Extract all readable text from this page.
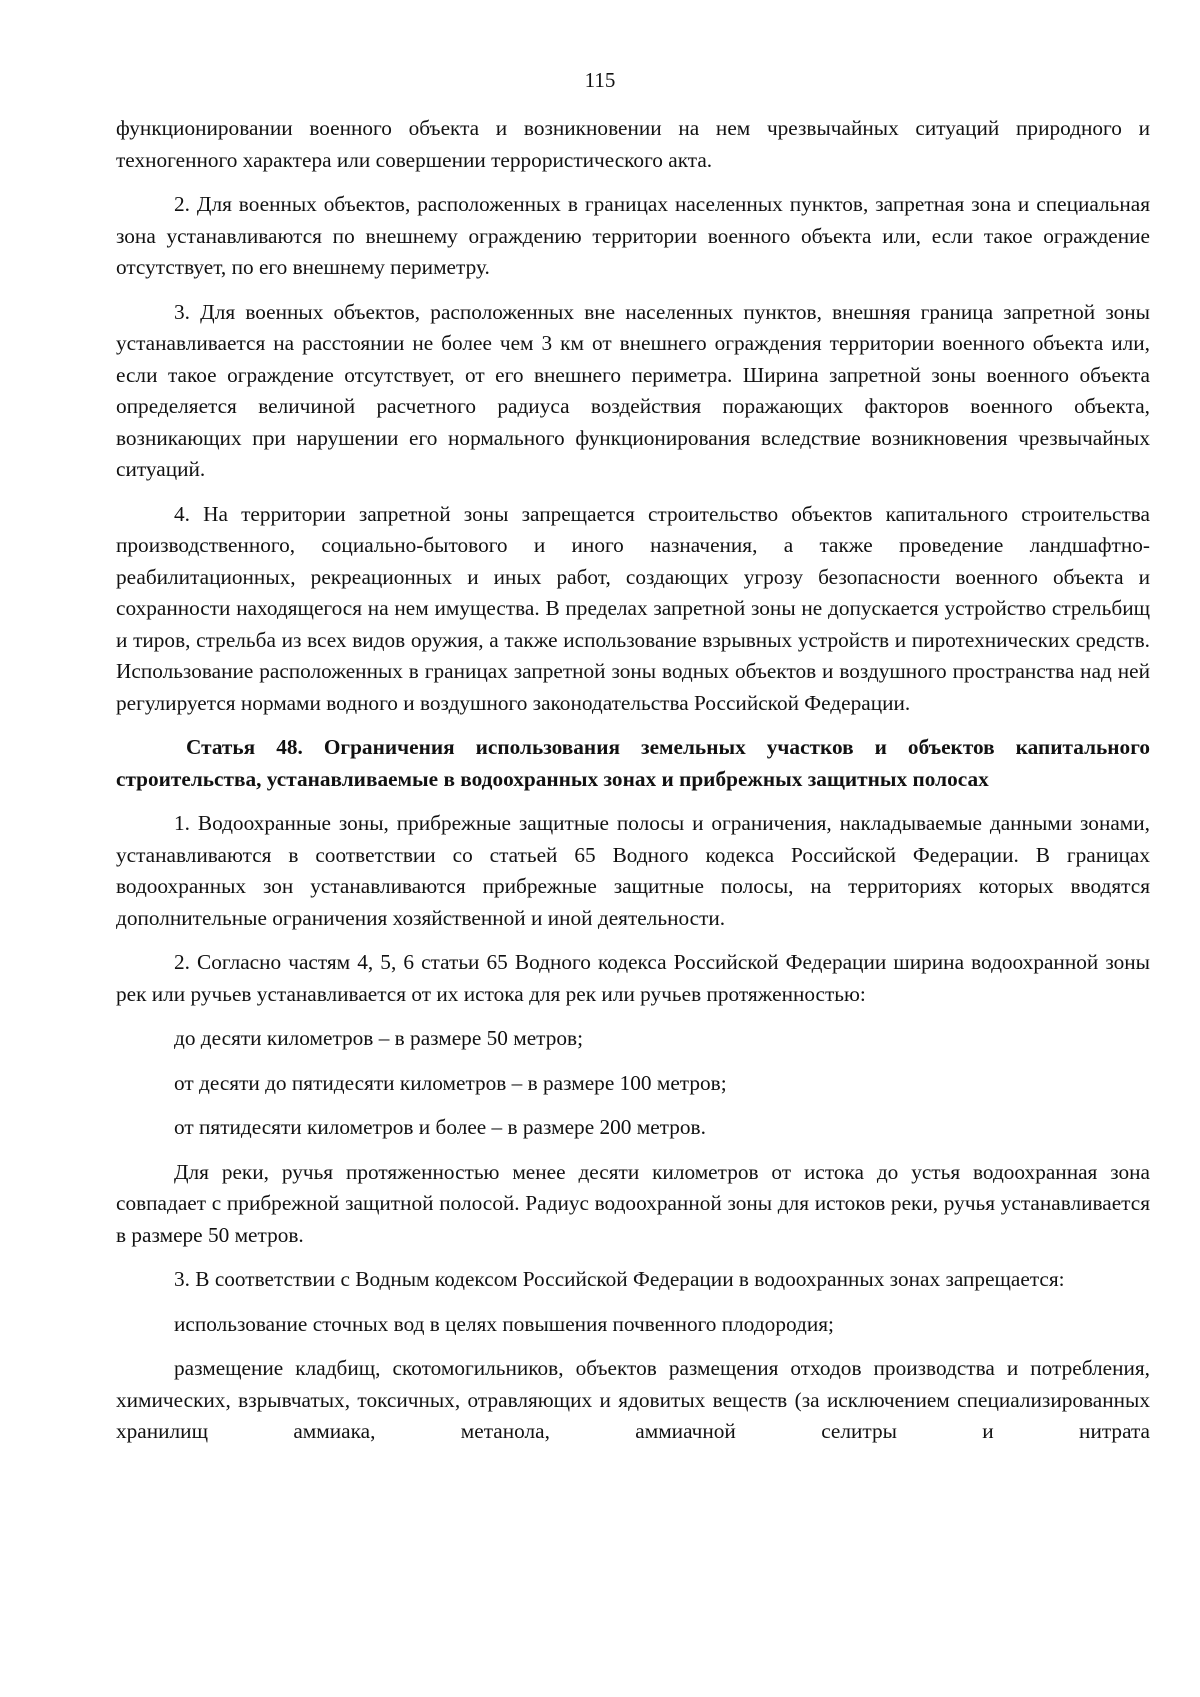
115

функционировании военного объекта и возникновении на нем чрезвычайных ситуаций природного и техногенного характера или совершении террористического акта.

2. Для военных объектов, расположенных в границах населенных пунктов, запретная зона и специальная зона устанавливаются по внешнему ограждению территории военного объекта или, если такое ограждение отсутствует, по его внешнему периметру.

3. Для военных объектов, расположенных вне населенных пунктов, внешняя граница запретной зоны устанавливается на расстоянии не более чем 3 км от внешнего ограждения территории военного объекта или, если такое ограждение отсутствует, от его внешнего периметра. Ширина запретной зоны военного объекта определяется величиной расчетного радиуса воздействия поражающих факторов военного объекта, возникающих при нарушении его нормального функционирования вследствие возникновения чрезвычайных ситуаций.

4. На территории запретной зоны запрещается строительство объектов капитального строительства производственного, социально-бытового и иного назначения, а также проведение ландшафтно-реабилитационных, рекреационных и иных работ, создающих угрозу безопасности военного объекта и сохранности находящегося на нем имущества. В пределах запретной зоны не допускается устройство стрельбищ и тиров, стрельба из всех видов оружия, а также использование взрывных устройств и пиротехнических средств. Использование расположенных в границах запретной зоны водных объектов и воздушного пространства над ней регулируется нормами водного и воздушного законодательства Российской Федерации.

Статья 48. Ограничения использования земельных участков и объектов капитального строительства, устанавливаемые в водоохранных зонах и прибрежных защитных полосах

1. Водоохранные зоны, прибрежные защитные полосы и ограничения, накладываемые данными зонами, устанавливаются в соответствии со статьей 65 Водного кодекса Российской Федерации. В границах водоохранных зон устанавливаются прибрежные защитные полосы, на территориях которых вводятся дополнительные ограничения хозяйственной и иной деятельности.

2. Согласно частям 4, 5, 6 статьи 65 Водного кодекса Российской Федерации ширина водоохранной зоны рек или ручьев устанавливается от их истока для рек или ручьев протяженностью:

до десяти километров – в размере 50 метров;

от десяти до пятидесяти километров – в размере 100 метров;

от пятидесяти километров и более – в размере 200 метров.

Для реки, ручья протяженностью менее десяти километров от истока до устья водоохранная зона совпадает с прибрежной защитной полосой. Радиус водоохранной зоны для истоков реки, ручья устанавливается в размере 50 метров.

3. В соответствии с Водным кодексом Российской Федерации в водоохранных зонах запрещается:

использование сточных вод в целях повышения почвенного плодородия;

размещение кладбищ, скотомогильников, объектов размещения отходов производства и потребления, химических, взрывчатых, токсичных, отравляющих и ядовитых веществ (за исключением специализированных хранилищ аммиака, метанола, аммиачной селитры и нитрата
